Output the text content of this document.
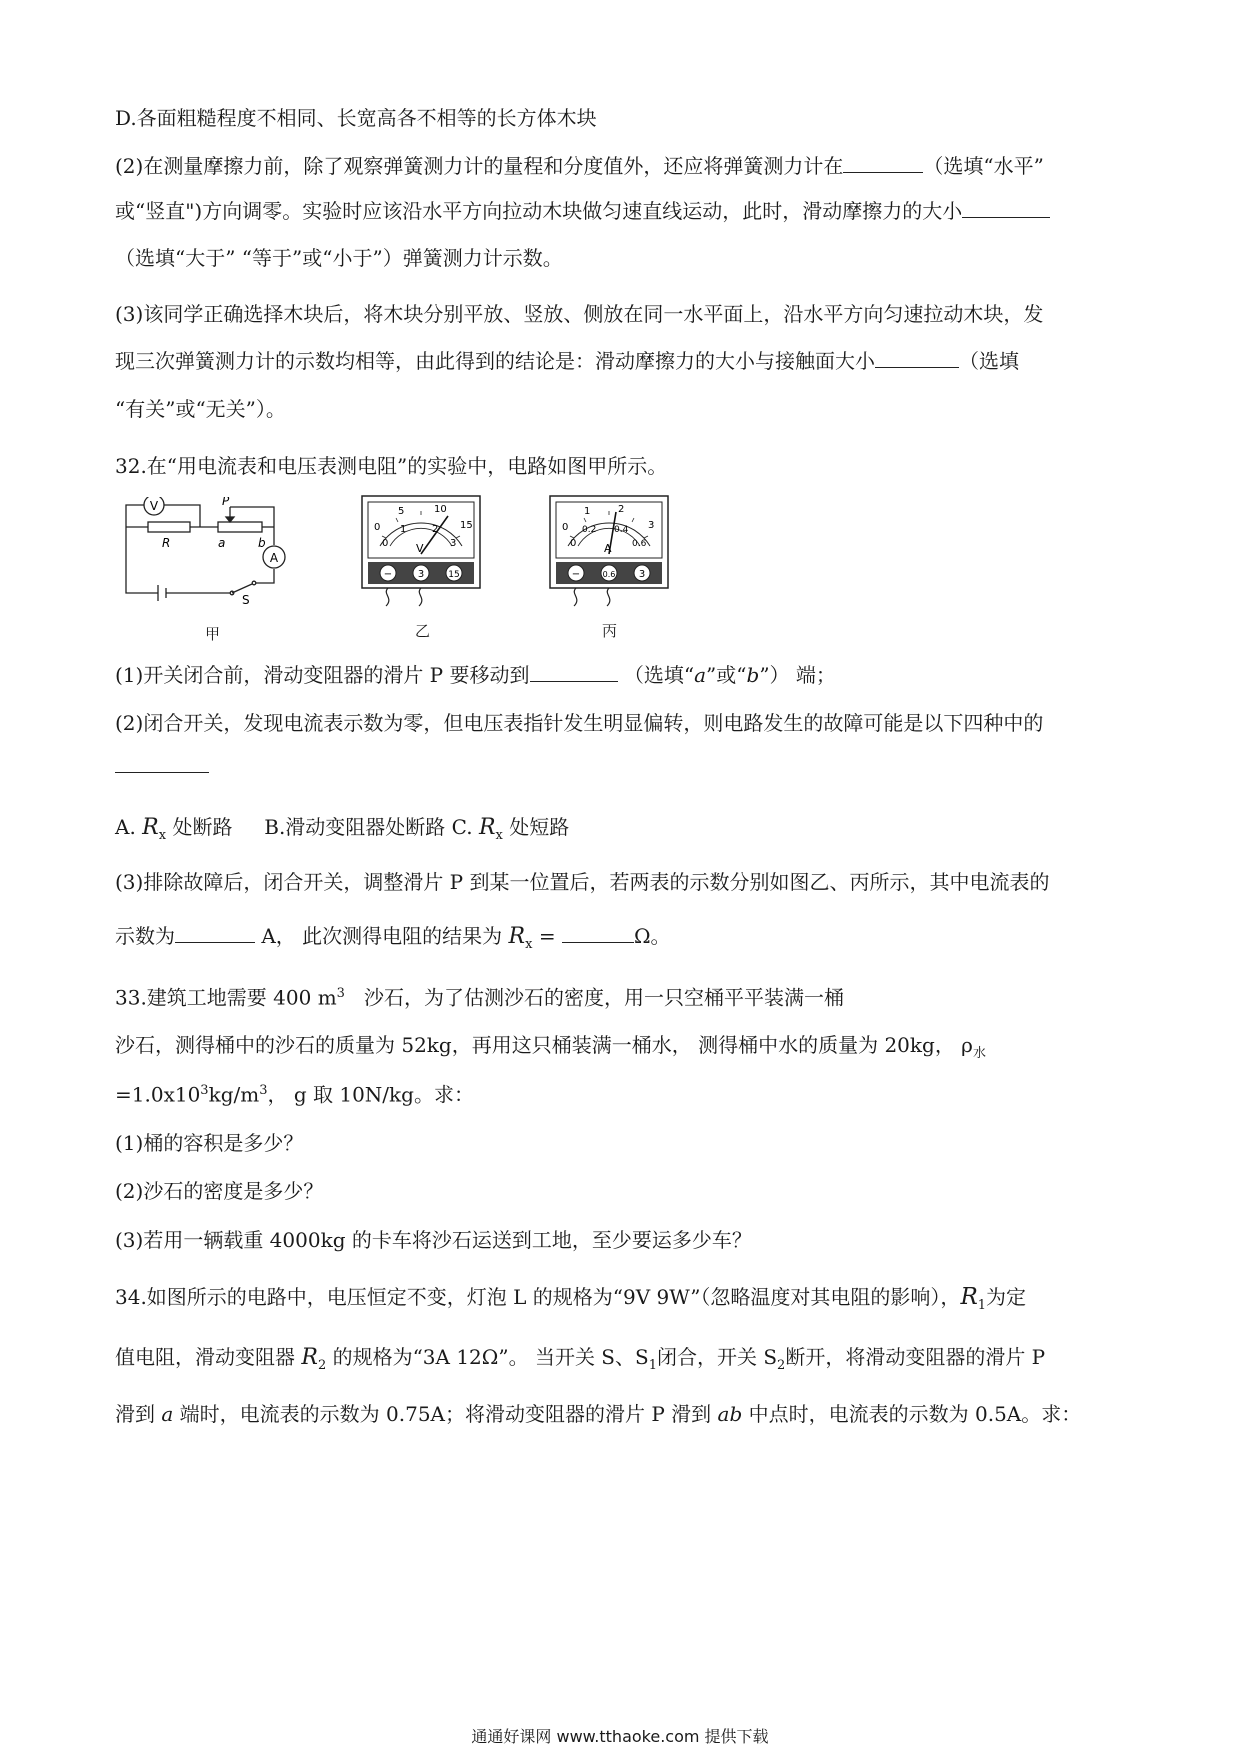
D.各面粗糙程度不相同、长宽高各不相等的长方体木块
(2)在测量摩擦力前，除了观察弹簧测力计的量程和分度值外，还应将弹簧测力计在	（选填“水平”
或“竖直")方向调零。实验时应该沿水平方向拉动木块做匀速直线运动，此时，滑动摩擦力的大小
（选填“大于” “等于”或“小于”）弹簧测力计示数。
(3)该同学正确选择木块后，将木块分别平放、竖放、侧放在同一水平面上，沿水平方向匀速拉动木块，发
现三次弹簧测力计的示数均相等，由此得到的结论是：滑动摩擦力的大小与接触面大小	（选填
“有关”或“无关”）。
32.在“用电流表和电压表测电阻”的实验中，电路如图甲所示。
V
A
P
R	a	b
S
甲
0
5	10
15
0
1	2
3
V
−	3	15
乙
0
1	2
3
0
0.2 0.4
0.6
A
−	0.6 3
丙
(1)开关闭合前，滑动变阻器的滑片 P 要移动到	（选填“a”或“b”） 端；
(2)闭合开关，发现电流表示数为零，但电压表指针发生明显偏转，则电路发生的故障可能是以下四种中的
A. $R_x$ 处断路 B.滑动变阻器处断路 C. $R_x$ 处短路
(3)排除故障后，闭合开关，调整滑片 P 到某一位置后，若两表的示数分别如图乙、丙所示，其中电流表的
示数为	A， 此次测得电阻的结果为 $R_x$ =	Ω。
33.建筑工地需要 400 $m^3$ 沙石，为了估测沙石的密度，用一只空桶平平装满一桶
沙石，测得桶中的沙石的质量为 52kg，再用这只桶装满一桶水， 测得桶中水的质量为 20kg， $\rho_水$
$=1.0x10^3kg/m^3$， g 取 10N/kg。求：
(1)桶的容积是多少？
(2)沙石的密度是多少？
(3)若用一辆载重 4000kg 的卡车将沙石运送到工地，至少要运多少车？
34.如图所示的电路中，电压恒定不变，灯泡 L 的规格为“9V 9W”（忽略温度对其电阻的影响），$R_1$为定
值电阻，滑动变阻器 $R_2$ 的规格为“3A 12Ω”。 当开关 S、$S_1$闭合，开关 $S_2$断开，将滑动变阻器的滑片 P
滑到 a 端时，电流表的示数为 0.75A；将滑动变阻器的滑片 P 滑到 ab 中点时，电流表的示数为 0.5A。求：
通通好课网 www.tthaoke.com 提供下载
